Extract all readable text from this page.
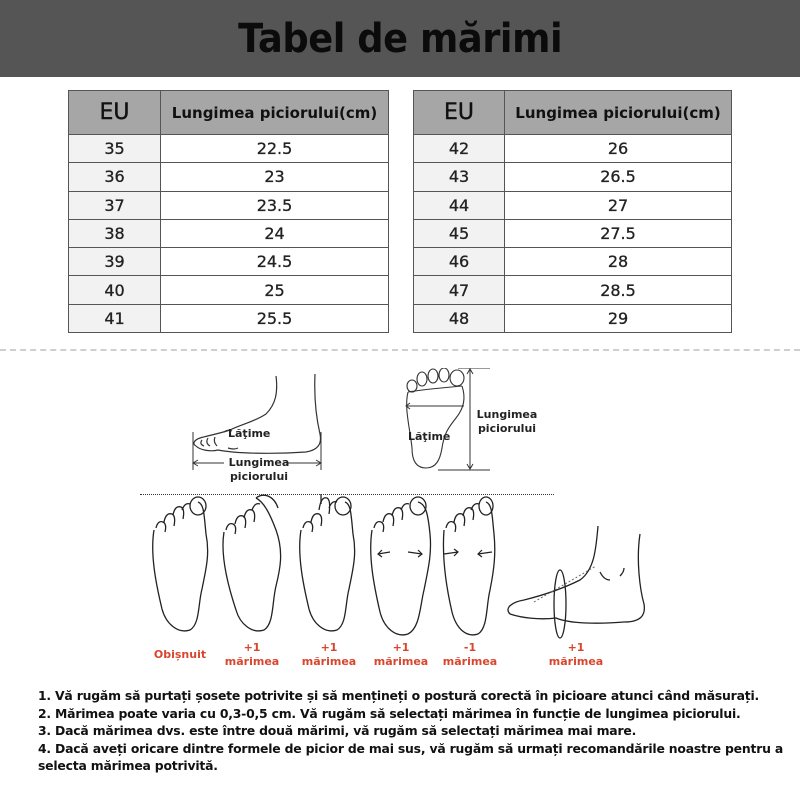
Tabel de mărimi
EU	Lungimea piciorului(cm)
35	22.5
36	23
37	23.5
38	24
39	24.5
40	25
41	25.5
EU	Lungimea piciorului(cm)
42	26
43	26.5
44	27
45	27.5
46	28
47	28.5
48	29
Lăţime
Lungimea
piciorului
Lăţime
Lungimea
piciorului
Obișnuit
+1
mărimea
+1
mărimea
+1
mărimea
-1
mărimea
+1
mărimea

1. Vă rugăm să purtați șosete potrivite și să mențineți o postură corectă în picioare atunci când măsurați.

2. Mărimea poate varia cu 0,3-0,5 cm. Vă rugăm să selectați mărimea în funcție de lungimea piciorului.

3. Dacă mărimea dvs. este între două mărimi, vă rugăm să selectați mărimea mai mare.

4. Dacă aveți oricare dintre formele de picior de mai sus, vă rugăm să urmați recomandările noastre pentru a selecta mărimea potrivită.
